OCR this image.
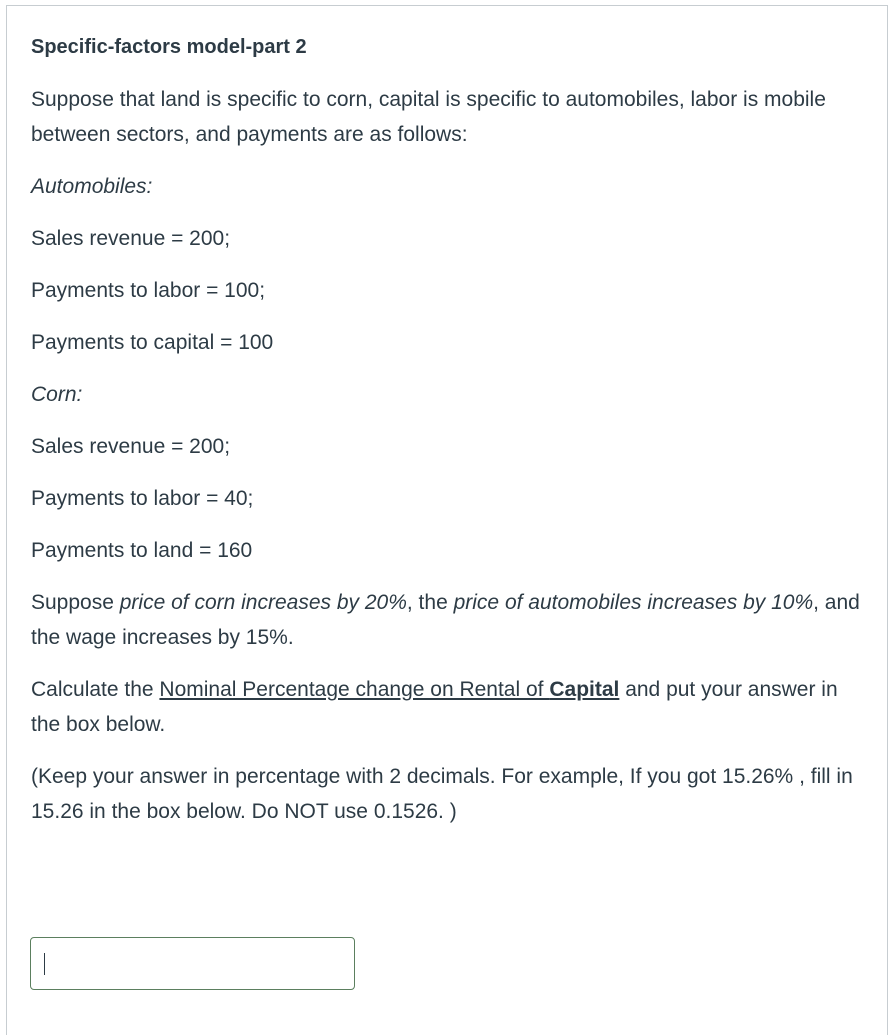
Specific-factors model-part 2

Suppose that land is specific to corn, capital is specific to automobiles, labor is mobile between sectors, and payments are as follows:

Automobiles:

Sales revenue = 200;

Payments to labor = 100;

Payments to capital = 100

Corn:

Sales revenue = 200;

Payments to labor = 40;

Payments to land = 160

Suppose price of corn increases by 20%, the price of automobiles increases by 10%, and the wage increases by 15%.

Calculate the Nominal Percentage change on Rental of Capital and put your answer in the box below.

(Keep your answer in percentage with 2 decimals. For example, If you got 15.26% , fill in 15.26 in the box below. Do NOT use 0.1526. )
